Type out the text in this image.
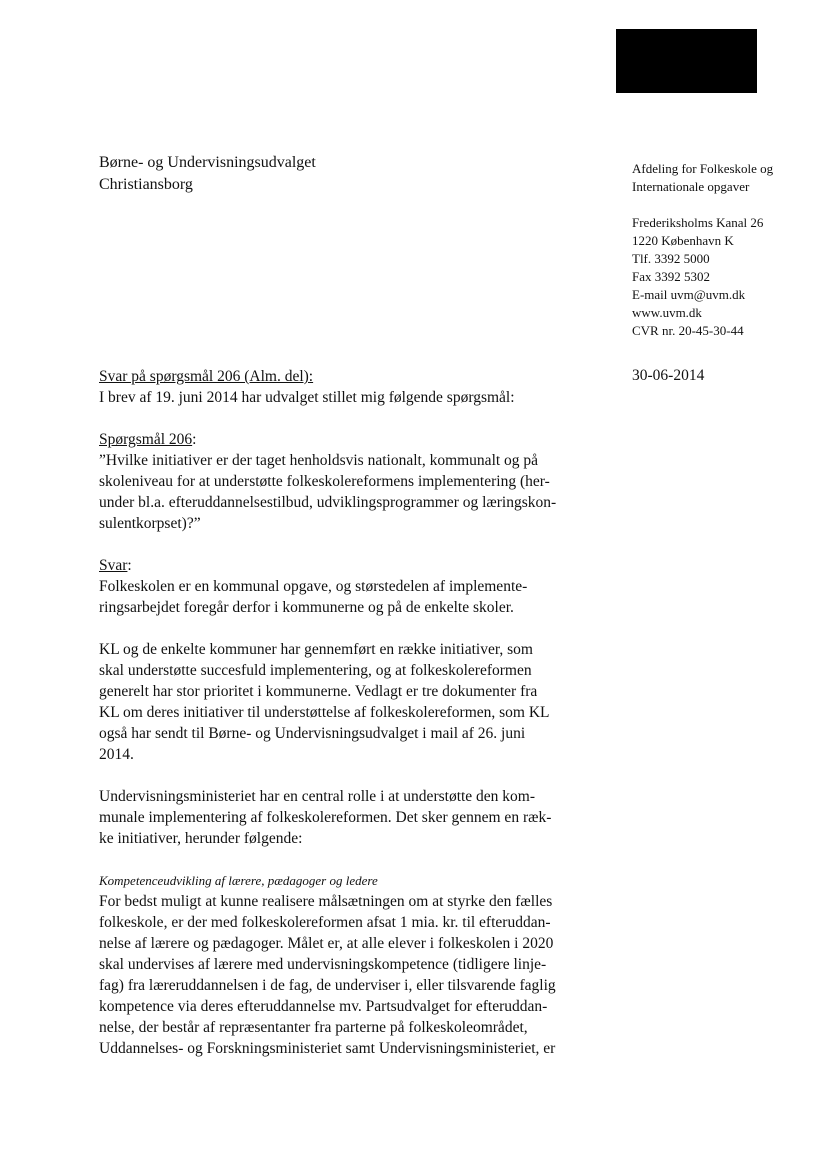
Børne- og Undervisningsudvalget
Christiansborg
Afdeling for Folkeskole og
Internationale opgaver
Frederiksholms Kanal 26
1220 København K
Tlf. 3392 5000
Fax 3392 5302
E-mail uvm@uvm.dk
www.uvm.dk
CVR nr. 20-45-30-44
30-06-2014

Svar på spørgsmål 206 (Alm. del):

I brev af 19. juni 2014 har udvalget stillet mig følgende spørgsmål:

Spørgsmål 206:

”Hvilke initiativer er der taget henholdsvis nationalt, kommunalt og på
skoleniveau for at understøtte folkeskolereformens implementering (her-
under bl.a. efteruddannelsestilbud, udviklingsprogrammer og læringskon-
sulentkorpset)?”

Svar:

Folkeskolen er en kommunal opgave, og størstedelen af implemente-
ringsarbejdet foregår derfor i kommunerne og på de enkelte skoler.

KL og de enkelte kommuner har gennemført en række initiativer, som
skal understøtte succesfuld implementering, og at folkeskolereformen
generelt har stor prioritet i kommunerne. Vedlagt er tre dokumenter fra
KL om deres initiativer til understøttelse af folkeskolereformen, som KL
også har sendt til Børne- og Undervisningsudvalget i mail af 26. juni
2014.

Undervisningsministeriet har en central rolle i at understøtte den kom-
munale implementering af folkeskolereformen. Det sker gennem en ræk-
ke initiativer, herunder følgende:

Kompetenceudvikling af lærere, pædagoger og ledere

For bedst muligt at kunne realisere målsætningen om at styrke den fælles
folkeskole, er der med folkeskolereformen afsat 1 mia. kr. til efteruddan-
nelse af lærere og pædagoger. Målet er, at alle elever i folkeskolen i 2020
skal undervises af lærere med undervisningskompetence (tidligere linje-
fag) fra læreruddannelsen i de fag, de underviser i, eller tilsvarende faglig
kompetence via deres efteruddannelse mv. Partsudvalget for efteruddan-
nelse, der består af repræsentanter fra parterne på folkeskoleområdet,
Uddannelses- og Forskningsministeriet samt Undervisningsministeriet, er
